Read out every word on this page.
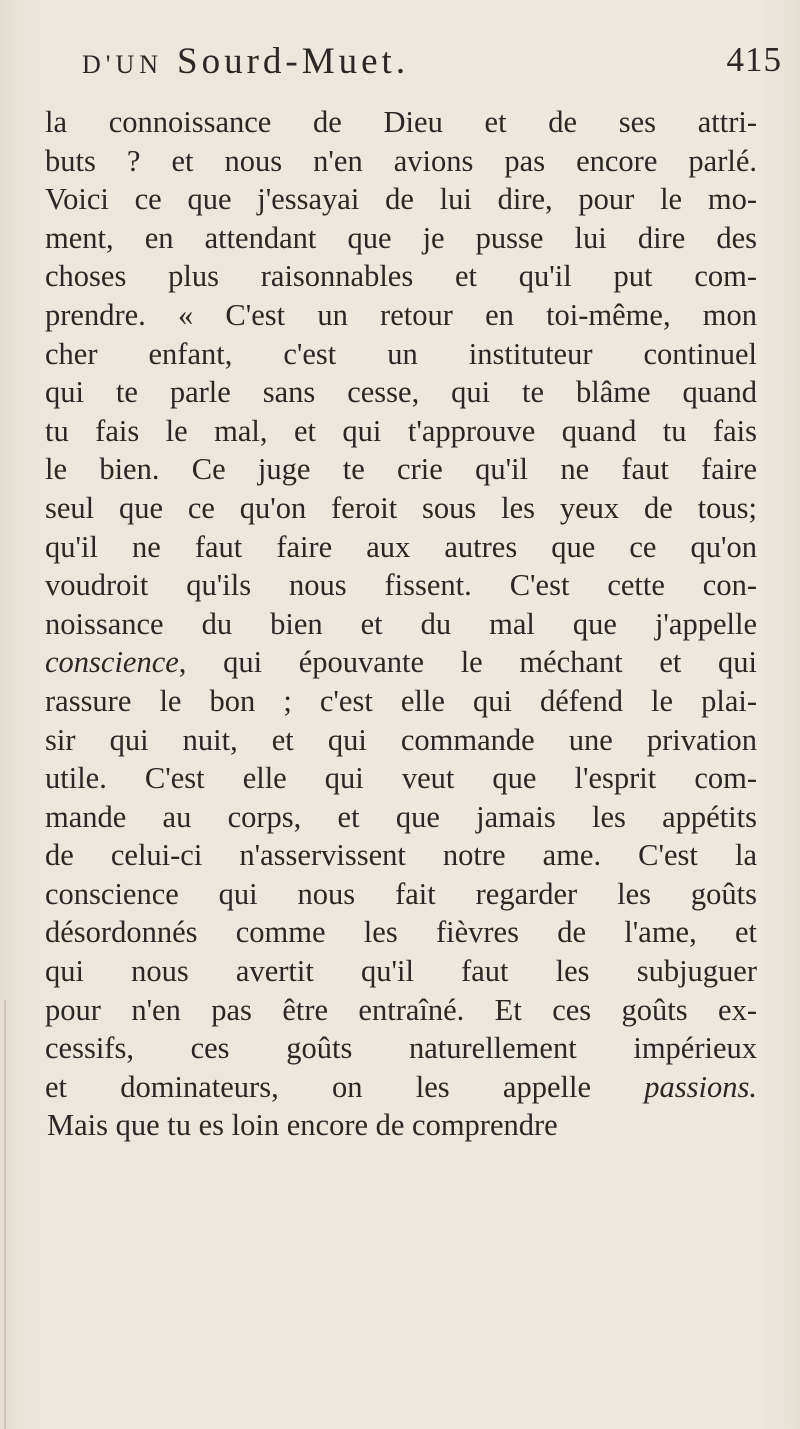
D'UN Sourd-Muet.	415
la connoissance de Dieu et de ses attri-
buts ? et nous n'en avions pas encore parlé.
Voici ce que j'essayai de lui dire, pour le mo-
ment, en attendant que je pusse lui dire des
choses plus raisonnables et qu'il put com-
prendre. « C'est un retour en toi-même, mon
cher enfant, c'est un instituteur continuel
qui te parle sans cesse, qui te blâme quand
tu fais le mal, et qui t'approuve quand tu fais
le bien. Ce juge te crie qu'il ne faut faire
seul que ce qu'on feroit sous les yeux de tous;
qu'il ne faut faire aux autres que ce qu'on
voudroit qu'ils nous fissent. C'est cette con-
noissance du bien et du mal que j'appelle
conscience, qui épouvante le méchant et qui
rassure le bon ; c'est elle qui défend le plai-
sir qui nuit, et qui commande une privation
utile. C'est elle qui veut que l'esprit com-
mande au corps, et que jamais les appétits
de celui-ci n'asservissent notre ame. C'est la
conscience qui nous fait regarder les goûts
désordonnés comme les fièvres de l'ame, et
qui nous avertit qu'il faut les subjuguer
pour n'en pas être entraîné. Et ces goûts ex-
cessifs, ces goûts naturellement impérieux
et dominateurs, on les appelle passions.
Mais que tu es loin encore de comprendre
